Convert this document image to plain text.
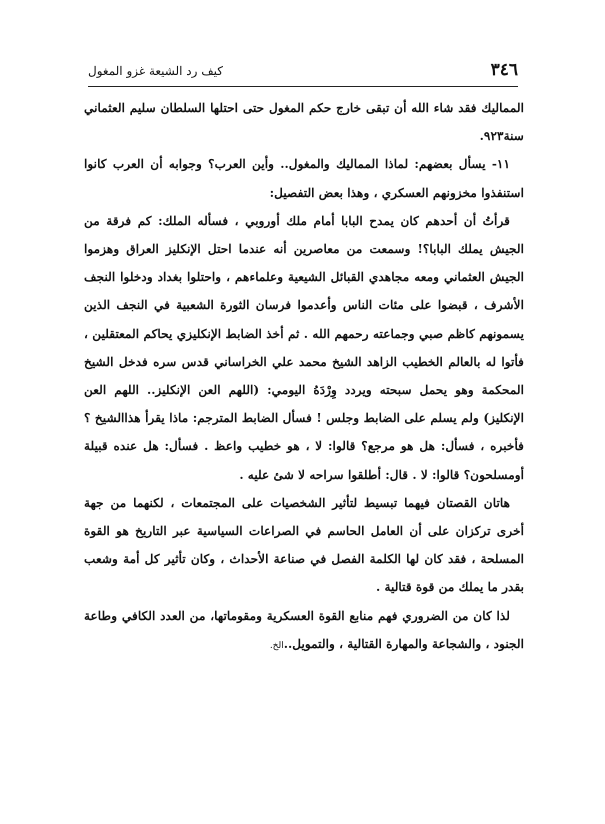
٣٤٦
كيف رد الشيعة غزو المغول

المماليك فقد شاء الله أن تبقى خارج حكم المغول حتى احتلها السلطان سليم العثماني سنة٩٢٣.

١١- يسأل بعضهم: لماذا المماليك والمغول.. وأين العرب؟ وجوابه أن العرب كانوا استنفذوا مخزونهم العسكري ، وهذا بعض التفصيل:

قرأتُ أن أحدهم كان يمدح البابا أمام ملك أوروبي ، فسأله الملك: كم فرقة من الجيش يملك البابا؟! وسمعت من معاصرين أنه عندما احتل الإنكليز العراق وهزموا الجيش العثماني ومعه مجاهدي القبائل الشيعية وعلماءهم ، واحتلوا بغداد ودخلوا النجف الأشرف ، قبضوا على مئات الناس وأعدموا فرسان الثورة الشعبية في النجف الذين يسمونهم كاظم صبي وجماعته رحمهم الله . ثم أخذ الضابط الإنكليزي يحاكم المعتقلين ، فأتوا له بالعالم الخطيب الزاهد الشيخ محمد علي الخراساني قدس سره فدخل الشيخ المحكمة وهو يحمل سبحته ويردد وِرْدَهُ اليومي: (اللهم العن الإنكليز.. اللهم العن الإنكليز) ولم يسلم على الضابط وجلس ! فسأل الضابط المترجم: ماذا يقرأ هذاالشيخ ؟ فأخبره ، فسأل: هل هو مرجع؟ قالوا: لا ، هو خطيب واعظ . فسأل: هل عنده قبيلة أومسلحون؟ قالوا: لا . قال: أطلقوا سراحه لا شئ عليه .

هاتان القصتان فيهما تبسيط لتأثير الشخصيات على المجتمعات ، لكنهما من جهة أخرى تركزان على أن العامل الحاسم في الصراعات السياسية عبر التاريخ هو القوة المسلحة ، فقد كان لها الكلمة الفصل في صناعة الأحداث ، وكان تأثير كل أمة وشعب بقدر ما يملك من قوة قتالية .

لذا كان من الضروري فهم منابع القوة العسكرية ومقوماتها، من العدد الكافي وطاعة الجنود ، والشجاعة والمهارة القتالية ، والتمويل..الخ.
